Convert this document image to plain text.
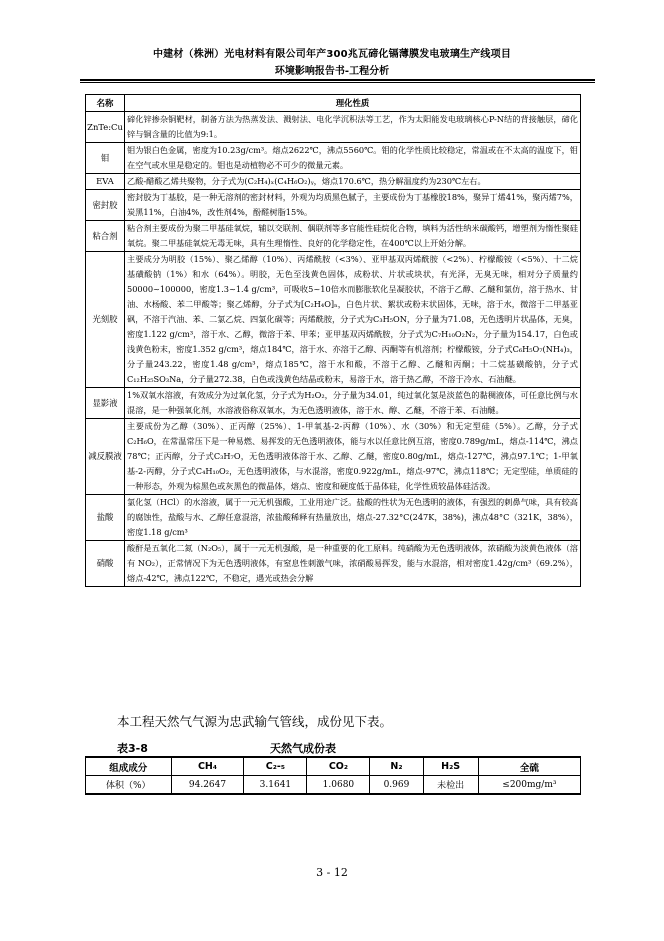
中建材（株洲）光电材料有限公司年产300兆瓦碲化镉薄膜发电玻璃生产线项目
环境影响报告书-工程分析
名称	理化性质
ZnTe:Cu	碲化锌掺杂铜靶材，制备方法为热蒸发法、溅射法、电化学沉积法等工艺，作为太阳能发电玻璃核心P-N结的背接触层，碲化锌与铜含量的比值为9:1。
钼	钼为银白色金属，密度为10.23g/cm³。熔点2622℃，沸点5560℃。钼的化学性质比较稳定，常温或在不太高的温度下，钼在空气或水里是稳定的。钼也是动植物必不可少的微量元素。
EVA	乙酸-醋酸乙烯共聚物，分子式为(C₂H₄)ₓ(C₄H₆O₂)ᵧ，熔点170.6℃，热分解温度约为230℃左右。
密封胶	密封胶为丁基胶，是一种无溶剂的密封材料，外观为均质黑色腻子，主要成份为丁基橡胶18%，聚异丁烯41%，聚丙烯7%，炭黑11%，白油4%，改性剂4%，酚醛树脂15%。
粘合剂	粘合剂主要成份为聚二甲基硅氧烷，辅以交联剂、偶联剂等多官能性硅烷化合物，填料为活性纳米碳酸钙，增塑剂为惰性聚硅氧烷。聚二甲基硅氧烷无毒无味，具有生理惰性、良好的化学稳定性，在400℃以上开始分解。
光刻胶	主要成分为明胶（15%）、聚乙烯醇（10%）、丙烯酰胺（<3%）、亚甲基双丙烯酰胺（<2%）、柠檬酸铵（<5%）、十二烷基磺酸钠（1%）和水（64%）。明胶，无色至浅黄色固体，成粉状、片状或块状，有光泽，无臭无味，相对分子质量约50000~100000，密度1.3~1.4 g/cm³，可吸收5~10倍水而膨胀软化呈凝胶状，不溶于乙醇、乙醚和氯仿，溶于热水、甘油、水杨酸、苯二甲酸等；聚乙烯醇，分子式为[C₂H₄O]ₙ，白色片状、絮状或粉末状固体，无味，溶于水，微溶于二甲基亚砜，不溶于汽油、苯、二氯乙烷、四氯化碳等；丙烯酰胺，分子式为C₃H₅ON，分子量为71.08，无色透明片状晶体，无臭，密度1.122 g/cm³，溶于水、乙醇，微溶于苯、甲苯；亚甲基双丙烯酰胺，分子式为C₇H₁₀O₂N₂，分子量为154.17，白色或浅黄色粉末，密度1.352 g/cm³，熔点184℃，溶于水、亦溶于乙醇、丙酮等有机溶剂；柠檬酸铵，分子式C₆H₅O₇(NH₄)₃，分子量243.22，密度1.48 g/cm³，熔点185℃，溶于水和酸，不溶于乙醇、乙醚和丙酮；十二烷基磺酸钠，分子式C₁₂H₂₅SO₃Na，分子量272.38，白色或浅黄色结晶或粉末，易溶于水，溶于热乙醇，不溶于冷水、石油醚。
显影液	1%双氧水溶液，有效成分为过氧化氢，分子式为H₂O₂，分子量为34.01，纯过氧化氢是淡蓝色的黏稠液体，可任意比例与水混溶，是一种强氧化剂，水溶液俗称双氧水，为无色透明液体，溶于水、醇、乙醚，不溶于苯、石油醚。
减反膜液	主要成份为乙醇（30%）、正丙醇（25%）、1-甲氧基-2-丙醇（10%）、水（30%）和无定型硅（5%）。乙醇，分子式C₂H₆O，在常温常压下是一种易燃、易挥发的无色透明液体，能与水以任意比例互溶，密度0.789g/mL，熔点-114℃，沸点78℃；正丙醇，分子式C₃H₇O，无色透明液体溶于水、乙醇、乙醚，密度0.80g/mL，熔点-127℃，沸点97.1℃；1-甲氧基-2-丙醇，分子式C₄H₁₀O₂，无色透明液体，与水混溶，密度0.922g/mL，熔点-97℃，沸点118℃；无定型硅，单质硅的一种形态，外观为棕黑色或灰黑色的微晶体，熔点、密度和硬度低于晶体硅，化学性质较晶体硅活泼。
盐酸	氯化氢（HCl）的水溶液，属于一元无机强酸，工业用途广泛。盐酸的性状为无色透明的液体，有强烈的刺鼻气味，具有较高的腐蚀性，盐酸与水、乙醇任意混溶，浓盐酸稀释有热量放出，熔点-27.32°C(247K，38%)，沸点48°C（321K，38%），密度1.18 g/cm³
硝酸	酸酐是五氧化二氮（N₂O₅），属于一元无机强酸，是一种重要的化工原料。纯硝酸为无色透明液体，浓硝酸为淡黄色液体（溶有 NO₂），正常情况下为无色透明液体，有窒息性刺激气味，浓硝酸易挥发，能与水混溶，相对密度1.42g/cm³（69.2%），熔点-42℃，沸点122℃，不稳定，遇光或热会分解
本工程天然气气源为忠武输气管线，成份见下表。
表3-8	天然气成份表
组成成分	CH₄	C₂-₅	CO₂	N₂	H₂S	全硫
体积（%）	94.2647	3.1641	1.0680	0.969	未检出	≤200mg/m³
3 - 12
